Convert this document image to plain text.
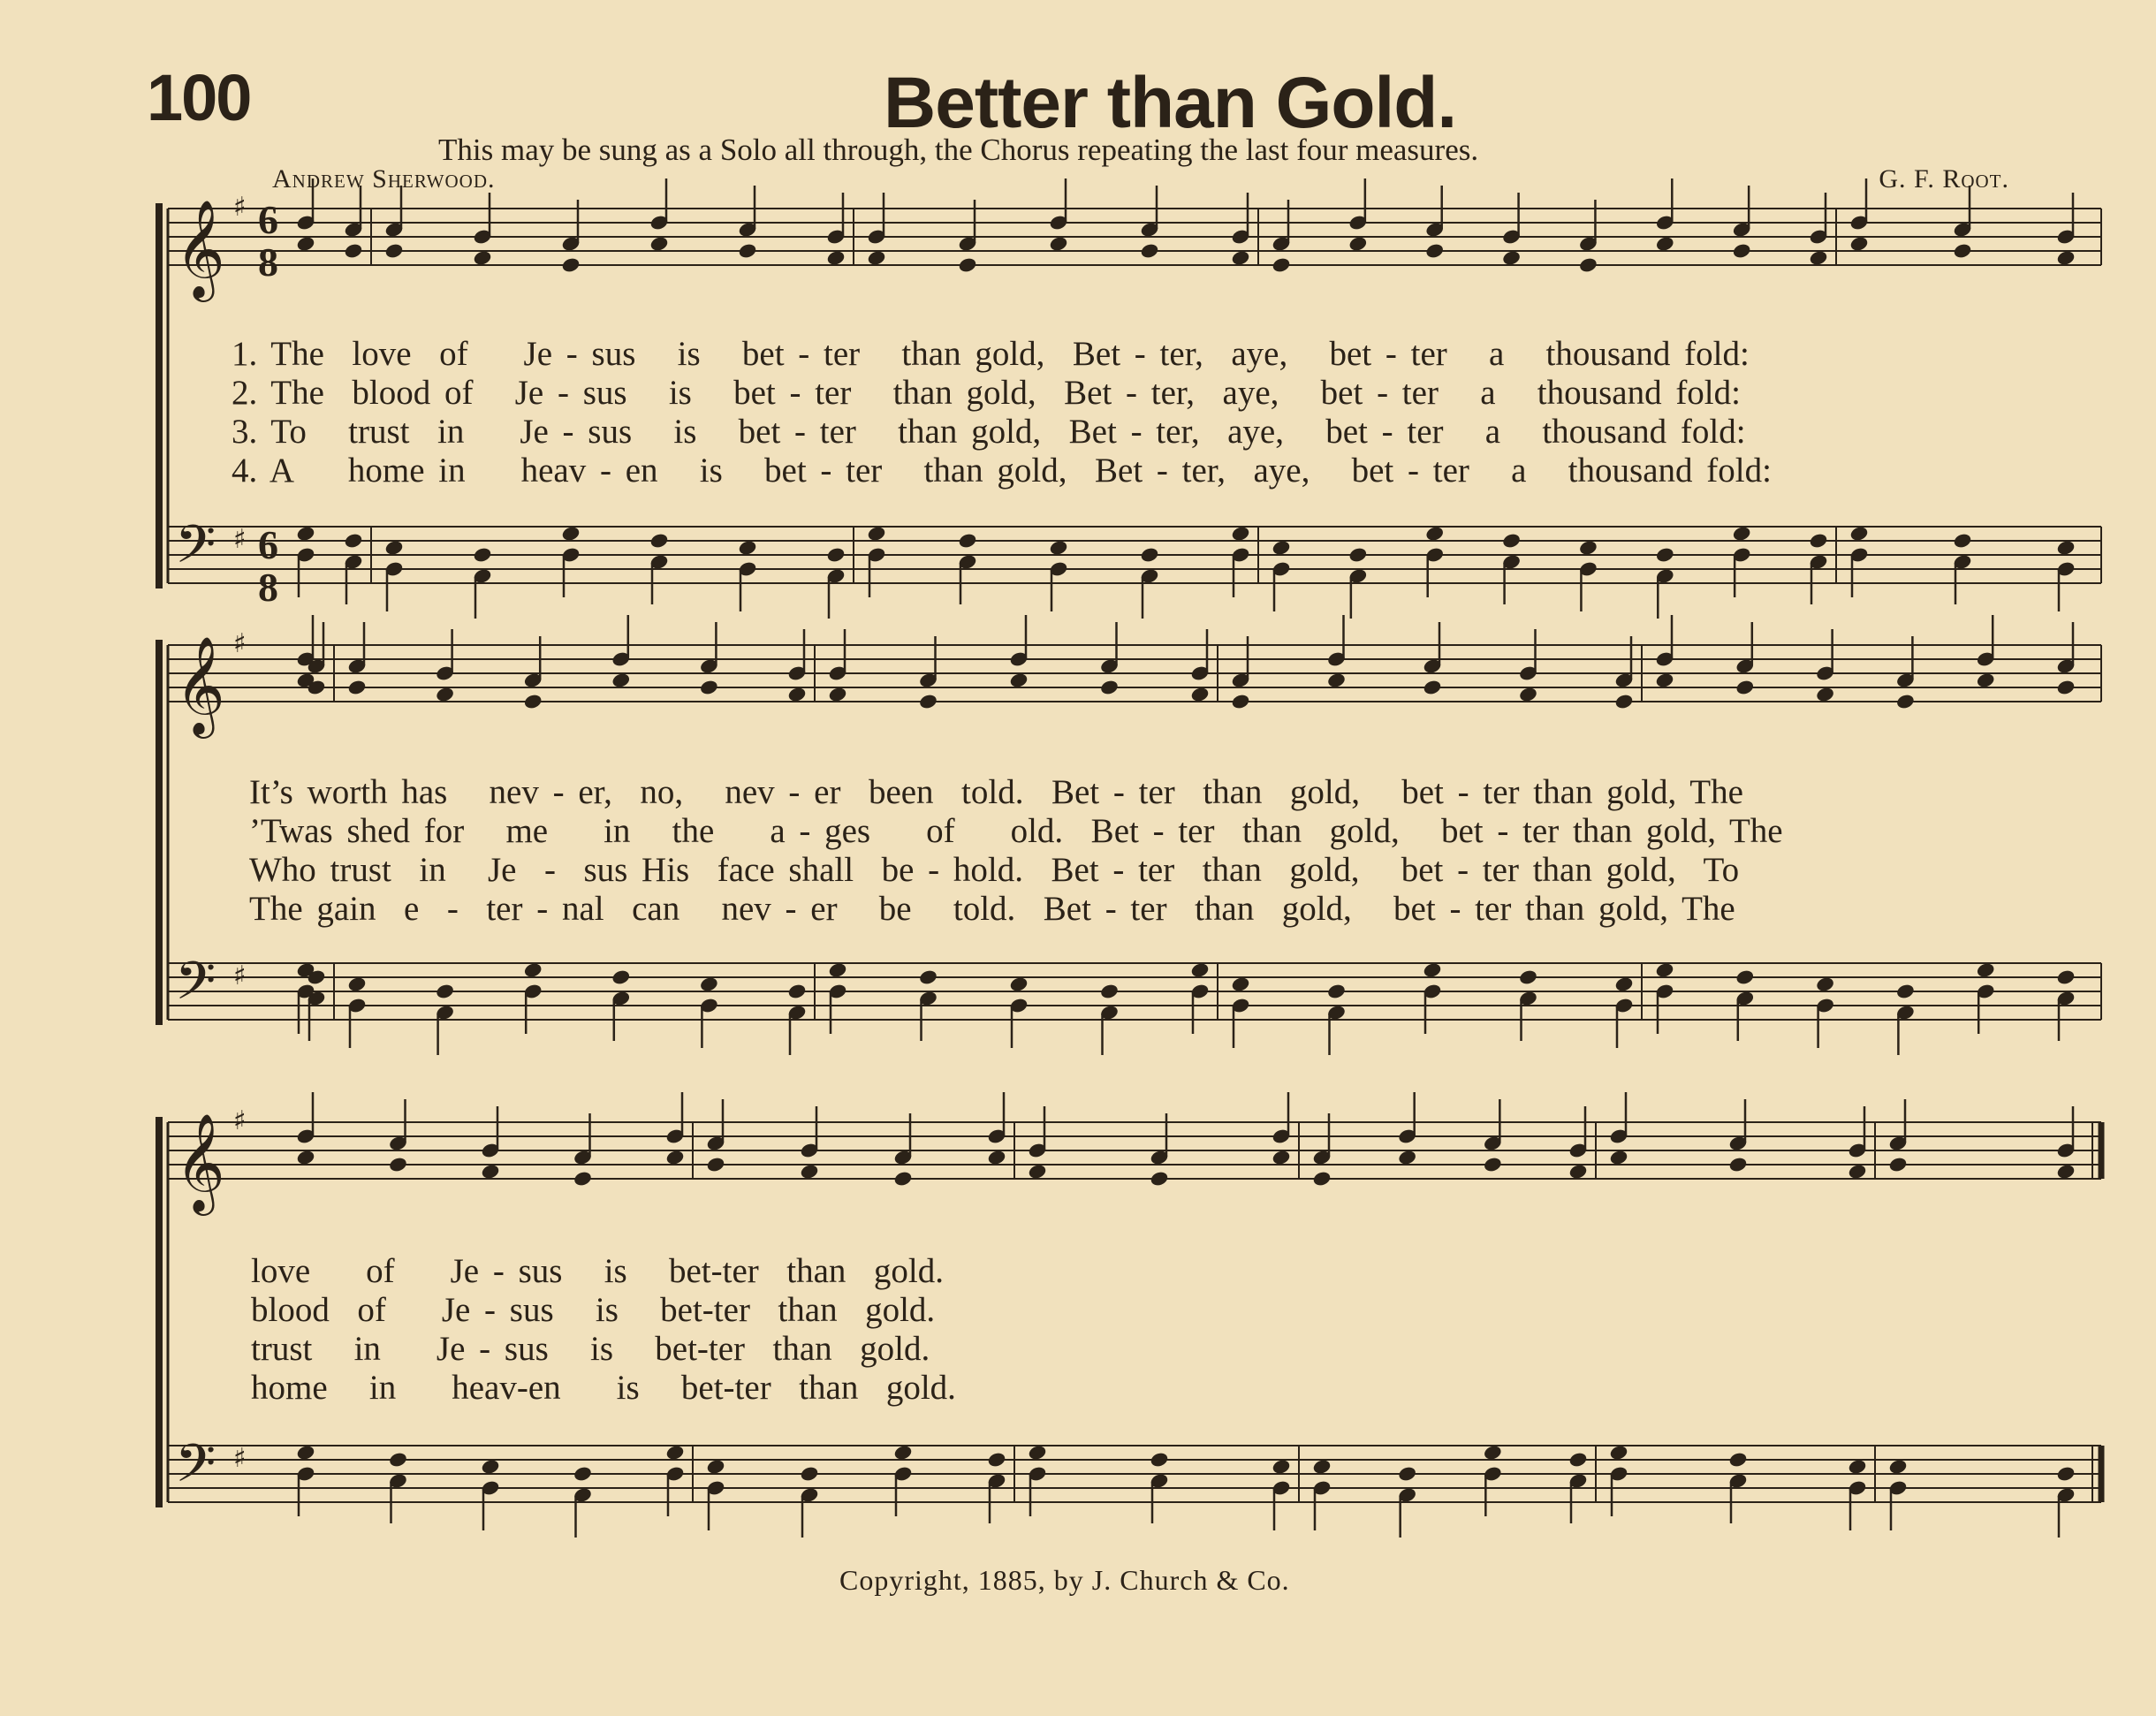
100	Better than Gold.
This may be sung as a Solo all through, the Chorus repeating the last four measures.
Andrew Sherwood.	G. F. Root.
𝄞
𝄢
♯
♯
𝄞
𝄢
♯
♯
𝄞
𝄢
♯
♯
6
8
6
8
1. The  love  of    Je - sus   is   bet - ter   than gold,  Bet - ter,  aye,   bet - ter   a   thousand fold:
2. The  blood of   Je - sus   is   bet - ter   than gold,  Bet - ter,  aye,   bet - ter   a   thousand fold:
3. To   trust  in    Je - sus   is   bet - ter   than gold,  Bet - ter,  aye,   bet - ter   a   thousand fold:
4. A    home in    heav - en   is   bet - ter   than gold,  Bet - ter,  aye,   bet - ter   a   thousand fold:
It’s worth has   nev - er,  no,   nev - er  been  told.  Bet - ter  than  gold,   bet - ter than gold, The
’Twas shed for   me    in   the    a - ges    of    old.  Bet - ter  than  gold,   bet - ter than gold, The
Who trust  in   Je  -  sus His  face shall  be - hold.  Bet - ter  than  gold,   bet - ter than gold,  To
The gain  e  -  ter - nal  can   nev - er   be   told.  Bet - ter  than  gold,   bet - ter than gold, The
love    of    Je - sus   is   bet-ter  than  gold.
blood  of    Je - sus   is   bet-ter  than  gold.
trust   in    Je - sus   is   bet-ter  than  gold.
home   in    heav-en    is   bet-ter  than  gold.
Copyright, 1885, by J. Church & Co.
